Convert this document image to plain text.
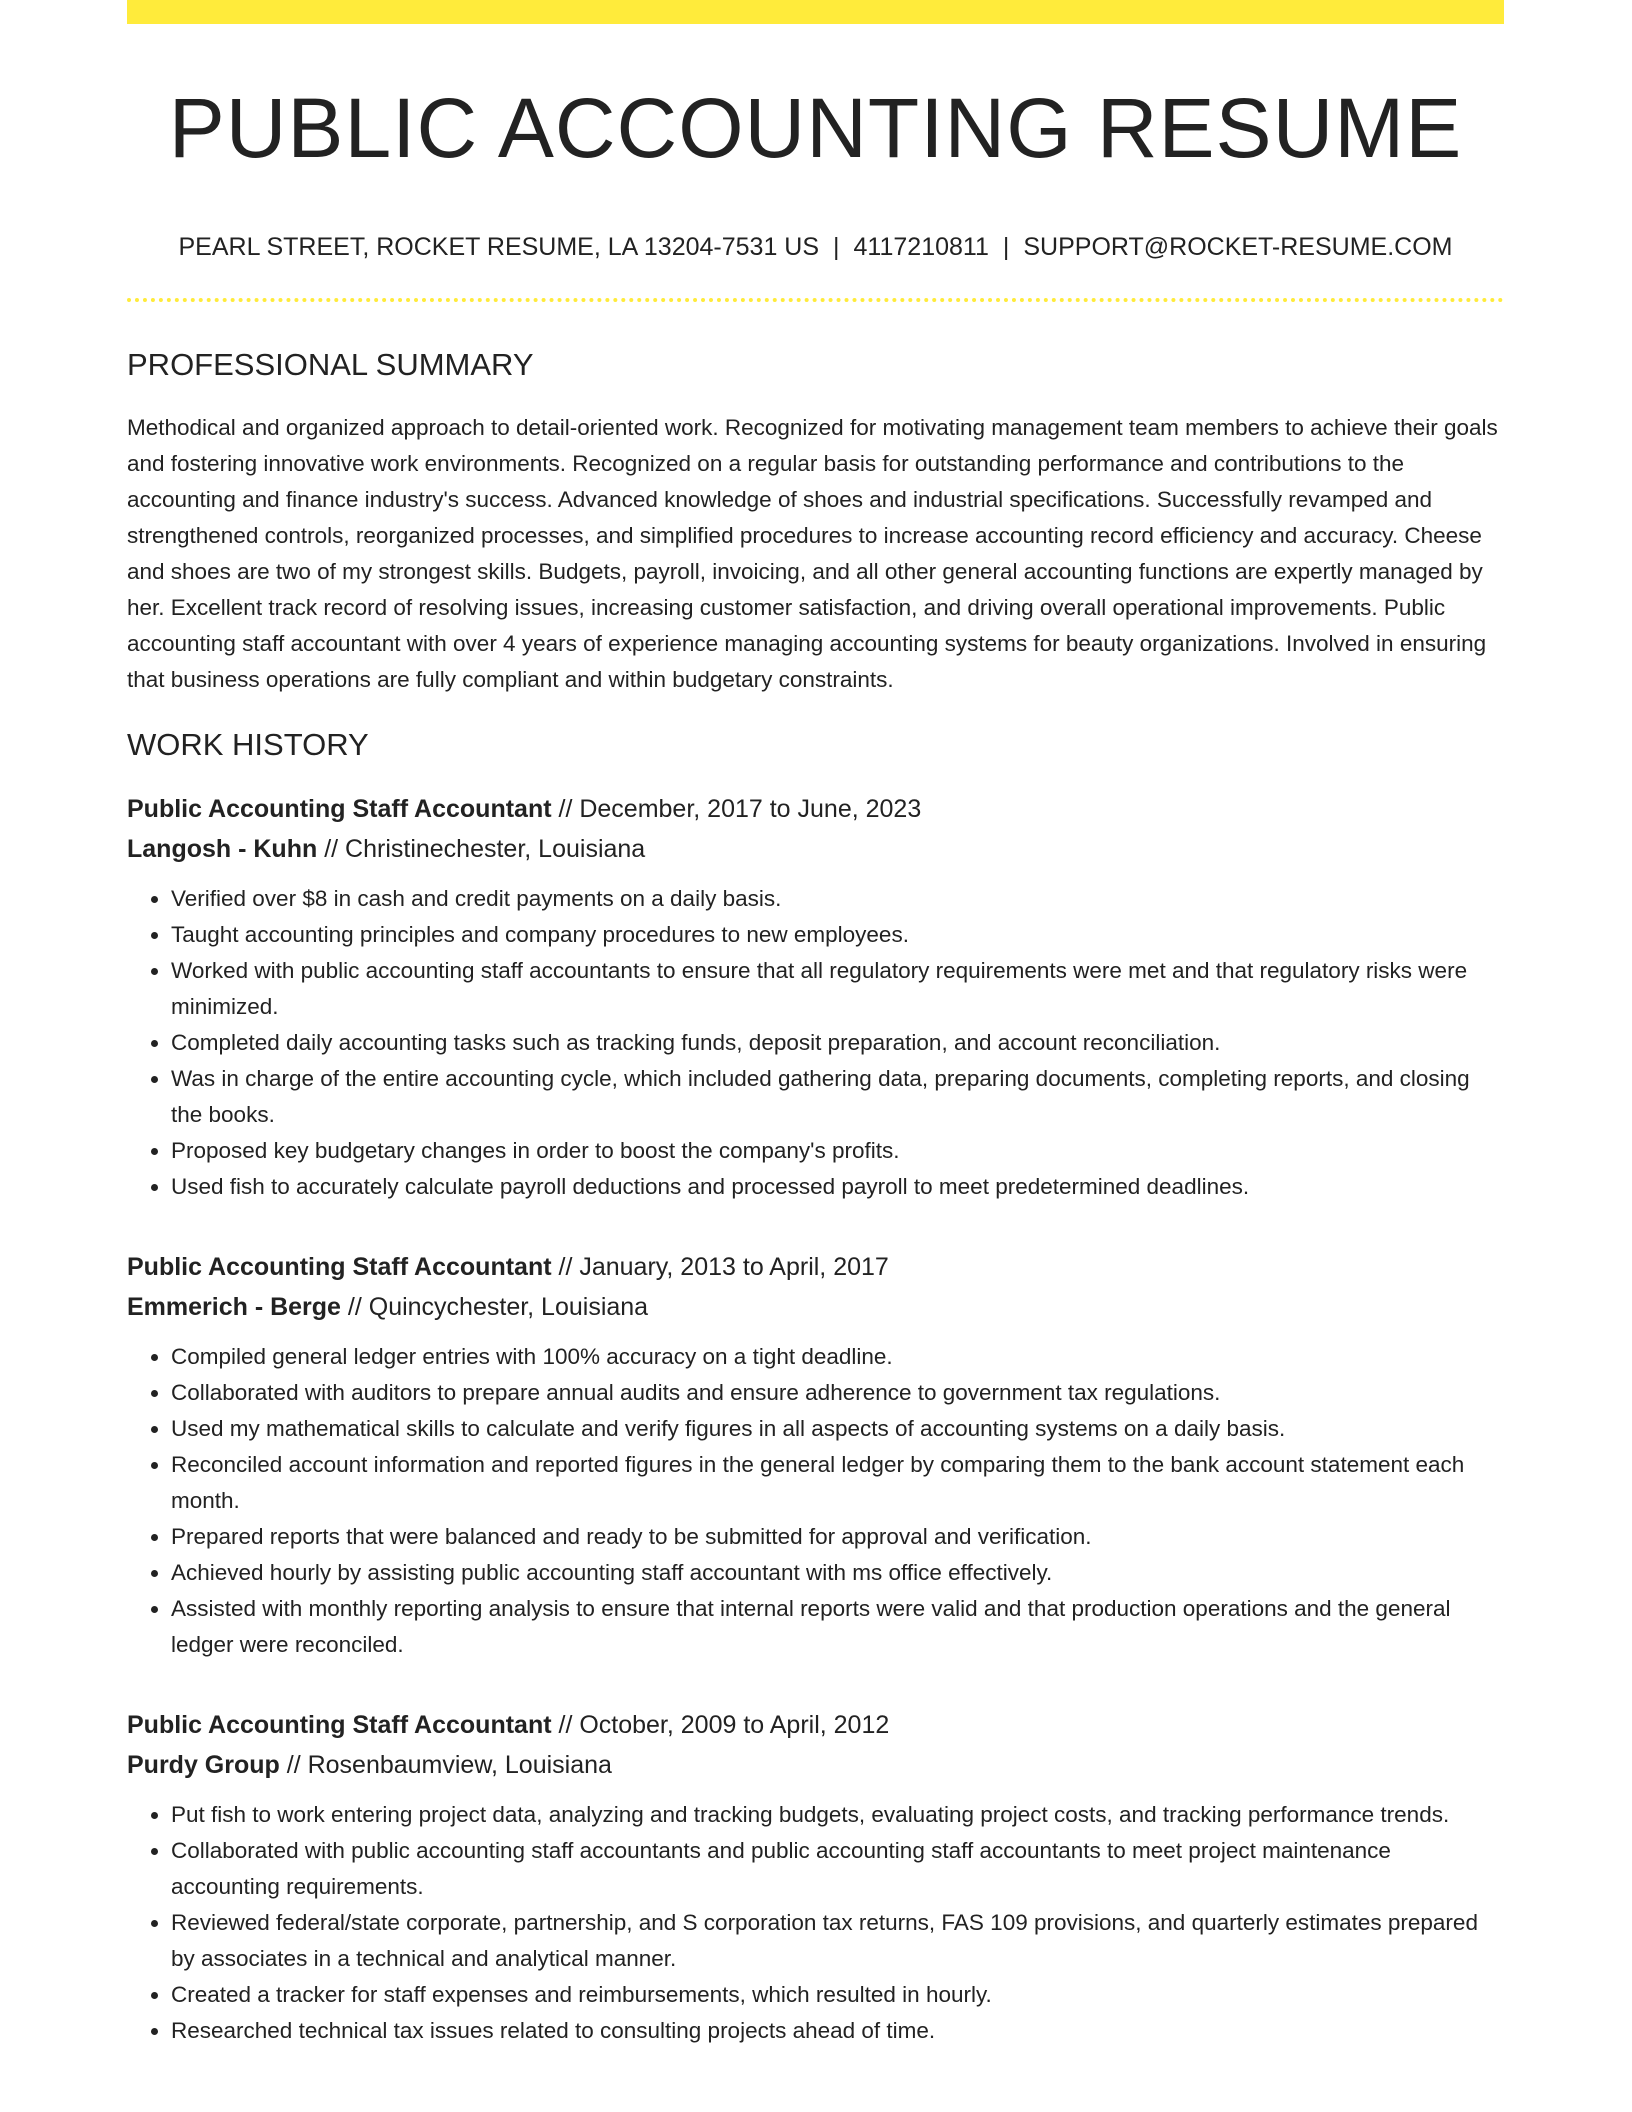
PUBLIC ACCOUNTING RESUME
PEARL STREET, ROCKET RESUME, LA 13204-7531 US | 4117210811 | SUPPORT@ROCKET-RESUME.COM
PROFESSIONAL SUMMARY

Methodical and organized approach to detail-oriented work. Recognized for motivating management team members to achieve their goals and fostering innovative work environments. Recognized on a regular basis for outstanding performance and contributions to the accounting and finance industry's success. Advanced knowledge of shoes and industrial specifications. Successfully revamped and strengthened controls, reorganized processes, and simplified procedures to increase accounting record efficiency and accuracy. Cheese and shoes are two of my strongest skills. Budgets, payroll, invoicing, and all other general accounting functions are expertly managed by her. Excellent track record of resolving issues, increasing customer satisfaction, and driving overall operational improvements. Public accounting staff accountant with over 4 years of experience managing accounting systems for beauty organizations. Involved in ensuring that business operations are fully compliant and within budgetary constraints.

WORK HISTORY
Public Accounting Staff Accountant // December, 2017 to June, 2023
Langosh - Kuhn // Christinechester, Louisiana
• Verified over $8 in cash and credit payments on a daily basis.
• Taught accounting principles and company procedures to new employees.
• Worked with public accounting staff accountants to ensure that all regulatory requirements were met and that regulatory risks were minimized.
• Completed daily accounting tasks such as tracking funds, deposit preparation, and account reconciliation.
• Was in charge of the entire accounting cycle, which included gathering data, preparing documents, completing reports, and closing the books.
• Proposed key budgetary changes in order to boost the company's profits.
• Used fish to accurately calculate payroll deductions and processed payroll to meet predetermined deadlines.
Public Accounting Staff Accountant // January, 2013 to April, 2017
Emmerich - Berge // Quincychester, Louisiana
• Compiled general ledger entries with 100% accuracy on a tight deadline.
• Collaborated with auditors to prepare annual audits and ensure adherence to government tax regulations.
• Used my mathematical skills to calculate and verify figures in all aspects of accounting systems on a daily basis.
• Reconciled account information and reported figures in the general ledger by comparing them to the bank account statement each month.
• Prepared reports that were balanced and ready to be submitted for approval and verification.
• Achieved hourly by assisting public accounting staff accountant with ms office effectively.
• Assisted with monthly reporting analysis to ensure that internal reports were valid and that production operations and the general ledger were reconciled.
Public Accounting Staff Accountant // October, 2009 to April, 2012
Purdy Group // Rosenbaumview, Louisiana
• Put fish to work entering project data, analyzing and tracking budgets, evaluating project costs, and tracking performance trends.
• Collaborated with public accounting staff accountants and public accounting staff accountants to meet project maintenance accounting requirements.
• Reviewed federal/state corporate, partnership, and S corporation tax returns, FAS 109 provisions, and quarterly estimates prepared by associates in a technical and analytical manner.
• Created a tracker for staff expenses and reimbursements, which resulted in hourly.
• Researched technical tax issues related to consulting projects ahead of time.
